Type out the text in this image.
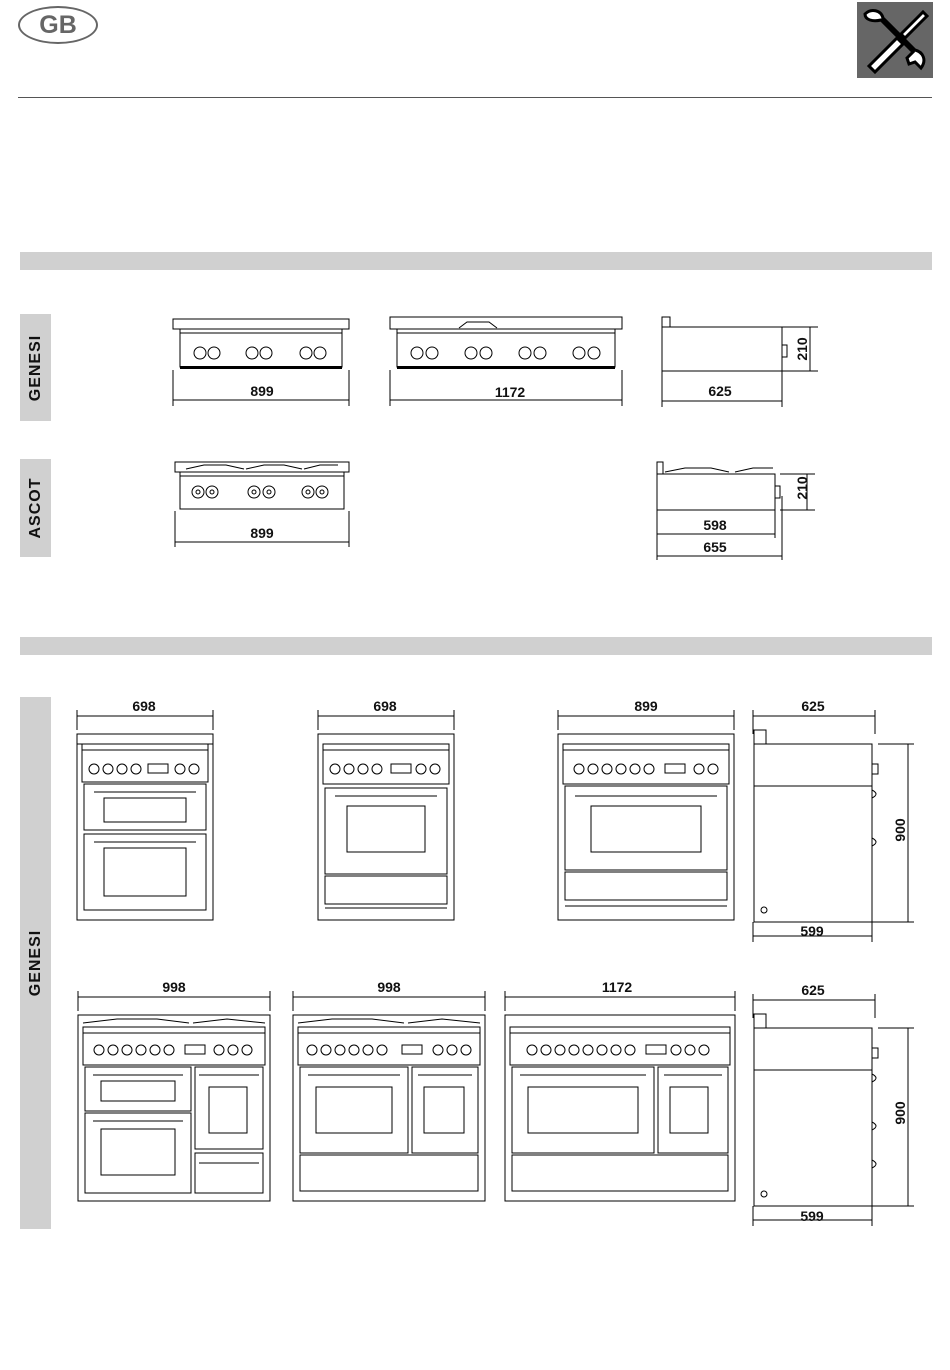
GB
GENESI
ASCOT
GENESI
899	1172	625
210
899	598
655
210
698	698	899	625
900
599
998	998	1172	625
900
599
